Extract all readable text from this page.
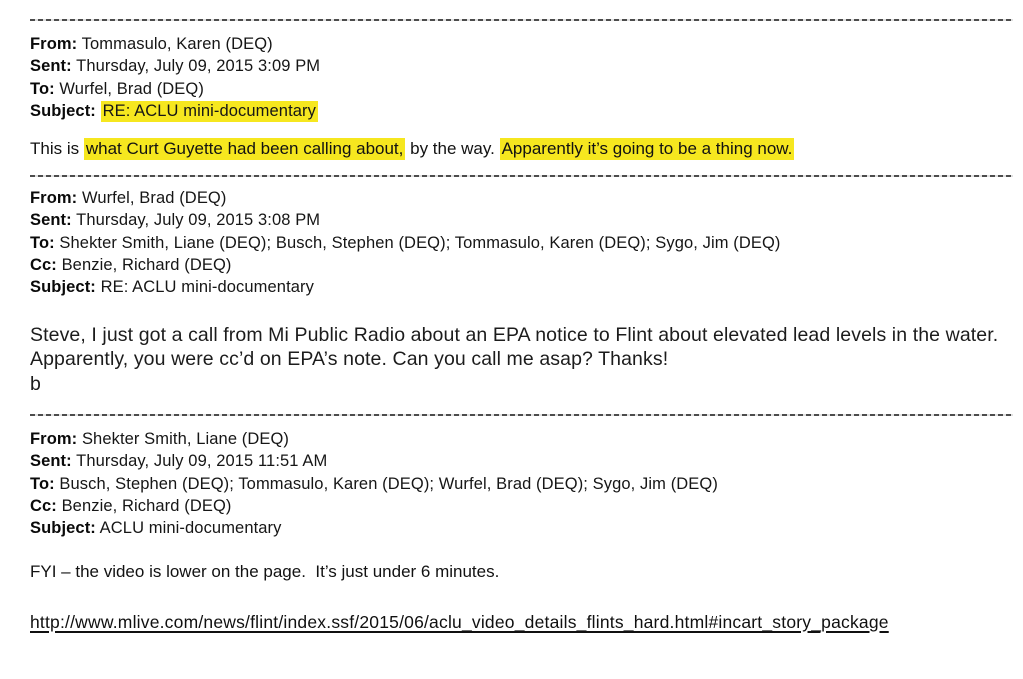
From: Tommasulo, Karen (DEQ)
Sent: Thursday, July 09, 2015 3:09 PM
To: Wurfel, Brad (DEQ)
Subject: RE: ACLU mini-documentary

This is what Curt Guyette had been calling about, by the way. Apparently it’s going to be a thing now.

From: Wurfel, Brad (DEQ)
Sent: Thursday, July 09, 2015 3:08 PM
To: Shekter Smith, Liane (DEQ); Busch, Stephen (DEQ); Tommasulo, Karen (DEQ); Sygo, Jim (DEQ)
Cc: Benzie, Richard (DEQ)
Subject: RE: ACLU mini-documentary

Steve, I just got a call from Mi Public Radio about an EPA notice to Flint about elevated lead levels in the water. Apparently, you were cc’d on EPA’s note. Can you call me asap? Thanks!
b

From: Shekter Smith, Liane (DEQ)
Sent: Thursday, July 09, 2015 11:51 AM
To: Busch, Stephen (DEQ); Tommasulo, Karen (DEQ); Wurfel, Brad (DEQ); Sygo, Jim (DEQ)
Cc: Benzie, Richard (DEQ)
Subject: ACLU mini-documentary

FYI – the video is lower on the page.  It’s just under 6 minutes.

http://www.mlive.com/news/flint/index.ssf/2015/06/aclu_video_details_flints_hard.html#incart_story_package
